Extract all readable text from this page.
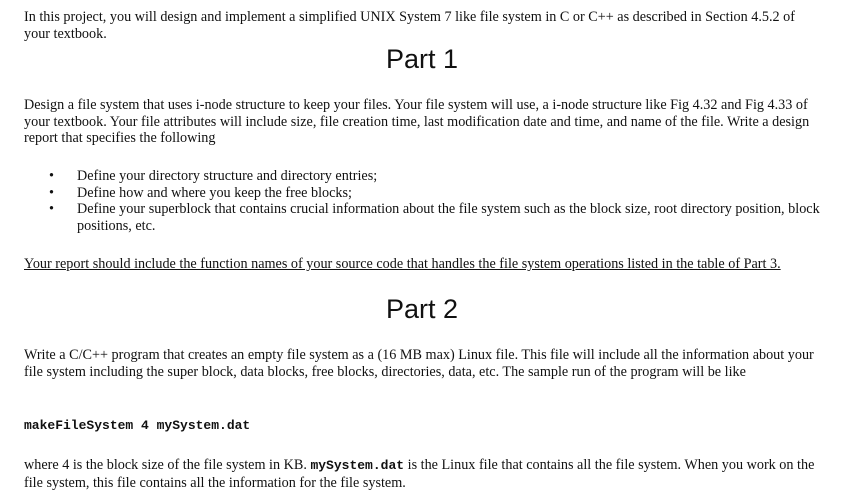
In this project, you will design and implement a simplified UNIX System 7 like file system in C or C++ as described in Section 4.5.2 of your textbook.

Part 1

Design a file system that uses i-node structure to keep your files. Your file system will use, a i-node structure like Fig 4.32 and Fig 4.33 of your textbook. Your file attributes will include size, file creation time, last modification date and time, and name of the file. Write a design report that specifies the following

• Define your directory structure and directory entries;
• Define how and where you keep the free blocks;
• Define your superblock that contains crucial information about the file system such as the block size, root directory position, block positions, etc.

Your report should include the function names of your source code that handles the file system operations listed in the table of Part 3.

Part 2

Write a C/C++ program that creates an empty file system as a (16 MB max) Linux file. This file will include all the information about your file system including the super block, data blocks, free blocks, directories, data, etc. The sample run of the program will be like

makeFileSystem 4 mySystem.dat

where 4 is the block size of the file system in KB. mySystem.dat is the Linux file that contains all the file system. When you work on the file system, this file contains all the information for the file system.
